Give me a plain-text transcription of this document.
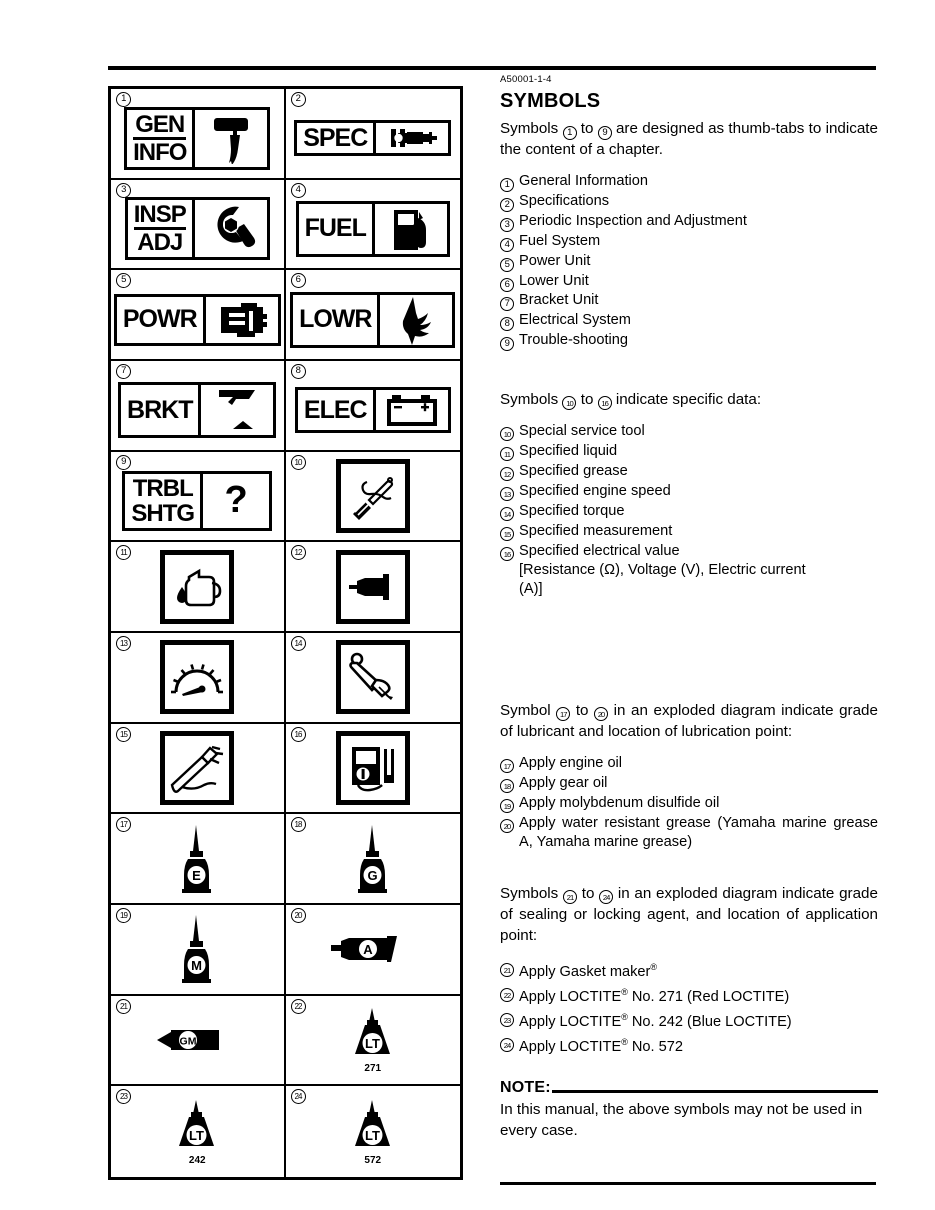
1
GEN
INFO
2
SPEC
3
INSP
ADJ
4
FUEL
5
POWR
6
LOWR
7
BRKT
8
ELEC
9
TRBL
SHTG ?
10
11	12
13	14
15	16
17
E
18
G
19
M
20
A
21
GM
22
LT
271
23
LT
242
24
LT
572
A50001-1-4
SYMBOLS

Symbols 1 to 9 are designed as thumb-tabs to indicate the content of a chapter.

1 General Information
2 Specifications
3 Periodic Inspection and Adjustment
4 Fuel System
5 Power Unit
6 Lower Unit
7 Bracket Unit
8 Electrical System
9 Trouble-shooting

Symbols 10 to 16 indicate specific data:

10 Special service tool
11 Specified liquid
12 Specified grease
13 Specified engine speed
14 Specified torque
15 Specified measurement
16 Specified electrical value
[Resistance (Ω), Voltage (V), Electric current
(A)]

Symbol 17 to 20 in an exploded diagram indicate grade of lubricant and location of lubrication point:

17 Apply engine oil
18 Apply gear oil
19 Apply molybdenum disulfide oil
20 Apply water resistant grease (Yamaha marine grease A, Yamaha marine grease)

Symbols 21 to 24 in an exploded diagram indicate grade of sealing or locking agent, and location of application point:

21 Apply Gasket maker®
22 Apply LOCTITE® No. 271 (Red LOCTITE)
23 Apply LOCTITE® No. 242 (Blue LOCTITE)
24 Apply LOCTITE® No. 572
NOTE:
In this manual, the above symbols may not be used in every case.
